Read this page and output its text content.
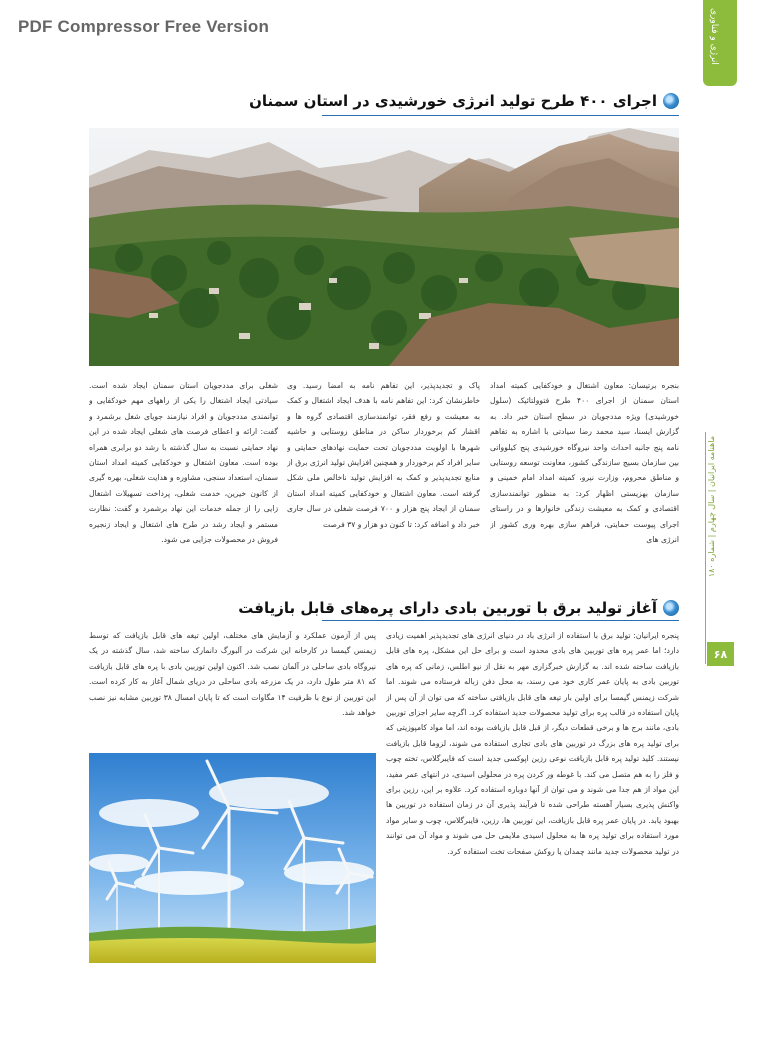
PDF Compressor Free Version	انرژی و فناوری
ماهنامه ایرانیان | سال چهارم | شماره ۱۸۰
۶۸
اجرای ۴۰۰ طرح تولید انرژی خورشیدی در استان سمنان
بنجره برتیسان: معاون اشتغال و خودکفایی کمیته امداد استان سمنان از اجرای ۴۰۰ طرح فتوولتائیک (سلول خورشیدی) ویژه مددجویان در سطح استان خبر داد. به گزارش ایسنا، سید محمد رضا سیادتی با اشاره به تفاهم نامه پنج جانبه احداث واحد نیروگاه خورشیدی پنج کیلوواتی بین سازمان بسیج سازندگی کشور، معاونت توسعه روستایی و مناطق محروم، وزارت نیرو، کمیته امداد امام خمینی و سازمان بهزیستی اظهار کرد: به منظور توانمندسازی اقتصادی و کمک به معیشت زندگی خانوارها و در راستای اجرای پیوست حمایتی، فراهم سازی بهره وری کشور از انرژی های
پاک و تجدیدپذیر، این تفاهم نامه به امضا رسید. وی خاطرنشان کرد: این تفاهم نامه با هدف ایجاد اشتغال و کمک به معیشت و رفع فقر، توانمندسازی اقتصادی گروه ها و اقشار کم برخوردار ساکن در مناطق روستایی و حاشیه شهرها با اولویت مددجویان تحت حمایت نهادهای حمایتی و سایر افراد کم برخوردار و همچنین افزایش تولید انرژی برق از منابع تجدیدپذیر و کمک به افزایش تولید ناخالص ملی شکل گرفته است. معاون اشتغال و خودکفایی کمیته امداد استان سمنان از ایجاد پنج هزار و ۷۰۰ فرصت شغلی در سال جاری خبر داد و اضافه کرد: تا کنون دو هزار و ۳۷ فرصت
شغلی برای مددجویان استان سمنان ایجاد شده است. سیادتی ایجاد اشتغال را یکی از راههای مهم خودکفایی و توانمندی مددجویان و افراد نیازمند جویای شغل برشمرد و گفت: ارائه و اعطای فرصت های شغلی ایجاد شده در این نهاد حمایتی نسبت به سال گذشته با رشد دو برابری همراه بوده است. معاون اشتغال و خودکفایی کمیته امداد استان سمنان، استعداد سنجی، مشاوره و هدایت شغلی، بهره گیری از کانون خیرین، خدمت شغلی، پرداخت تسهیلات اشتغال زایی را از جمله خدمات این نهاد برشمرد و گفت: نظارت مستمر و ایجاد رشد در طرح های اشتغال و ایجاد زنجیره فروش در محصولات جزایی می شود.
آغاز تولید برق با توربین بادی دارای پره‌های قابل بازیافت
پنجره ایرانیان: تولید برق با استفاده از انرژی باد در دنیای انرژی های تجدیدپذیر اهمیت زیادی دارد؛ اما عمر پره های توربین های بادی محدود است و برای حل این مشکل، پره های قابل بازیافت ساخته شده اند. به گزارش خبرگزاری مهر به نقل از نیو اطلس، زمانی که پره های توربین بادی به پایان عمر کاری خود می رسند، به محل دفن زباله فرستاده می شوند. اما شرکت زیمنس گیمسا برای اولین بار تیغه های قابل بازیافتی ساخته که می توان از آن پس از پایان استفاده در قالب پره برای تولید محصولات جدید استفاده کرد. اگرچه سایر اجزای توربین بادی، مانند برج ها و برخی قطعات دیگر، از قبل قابل بازیافت بوده اند، اما مواد کامپوزیتی که برای تولید پره های بزرگ در توربین های بادی تجاری استفاده می شوند، لزوما قابل بازیافت نیستند. کلید تولید پره قابل بازیافت نوعی رزین اپوکسی جدید است که فایبرگلاس، تخته چوب و فلز را به هم متصل می کند. با غوطه ور کردن پره در محلولی اسیدی، در انتهای عمر مفید، این مواد از هم جدا می شوند و می توان از آنها دوباره استفاده کرد. علاوه بر این، رزین برای واکنش پذیری بسیار آهسته طراحی شده تا فرآیند پذیری آن در زمان استفاده در توربین ها بهبود یابد. در پایان عمر پره قابل بازیافت، این توربین ها، رزین، فایبرگلاس، چوب و سایر مواد مورد استفاده برای تولید پره ها به محلول اسیدی ملایمی حل می شوند و مواد آن می توانند در تولید محصولات جدید مانند چمدان یا روکش صفحات تخت استفاده کرد.
پس از آزمون عملکرد و آزمایش های مختلف، اولین تیغه های قابل بازیافت که توسط زیمنس گیمسا در کارخانه این شرکت در آلبورگ دانمارک ساخته شد، سال گذشته در یک نیروگاه بادی ساحلی در آلمان نصب شد. اکنون اولین توربین بادی با پره های قابل بازیافت که ۸۱ متر طول دارد، در یک مزرعه بادی ساحلی در دریای شمال آغاز به کار کرده است. این توربین از نوع با ظرفیت ۱۴ مگاوات است که تا پایان امسال ۳۸ توربین مشابه نیز نصب خواهد شد.
